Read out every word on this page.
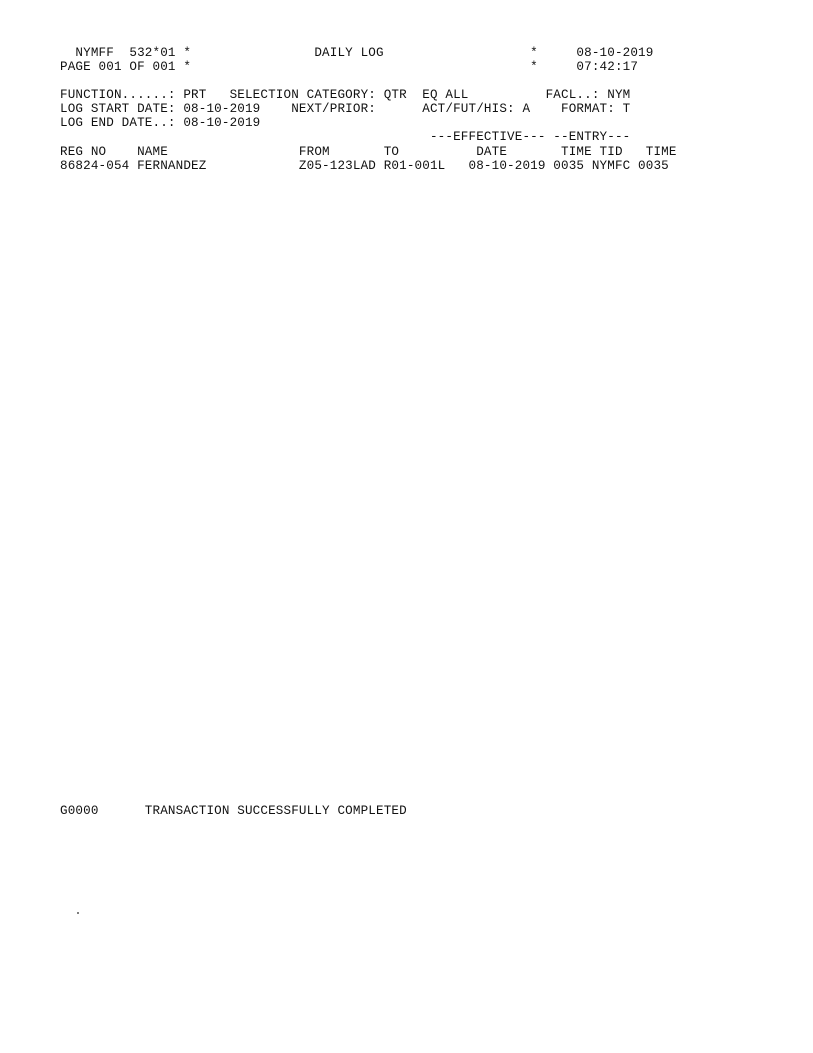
NYMFF  532*01 *                DAILY LOG                   *     08-10-2019
PAGE 001 OF 001 *                                            *     07:42:17
FUNCTION......: PRT   SELECTION CATEGORY: QTR  EQ ALL          FACL..: NYM
LOG START DATE: 08-10-2019    NEXT/PRIOR:      ACT/FUT/HIS: A    FORMAT: T
LOG END DATE..: 08-10-2019
---EFFECTIVE--- --ENTRY---
REG NO    NAME                 FROM       TO          DATE       TIME TID   TIME
86824-054 FERNANDEZ            Z05-123LAD R01-001L   08-10-2019 0035 NYMFC 0035
G0000      TRANSACTION SUCCESSFULLY COMPLETED
